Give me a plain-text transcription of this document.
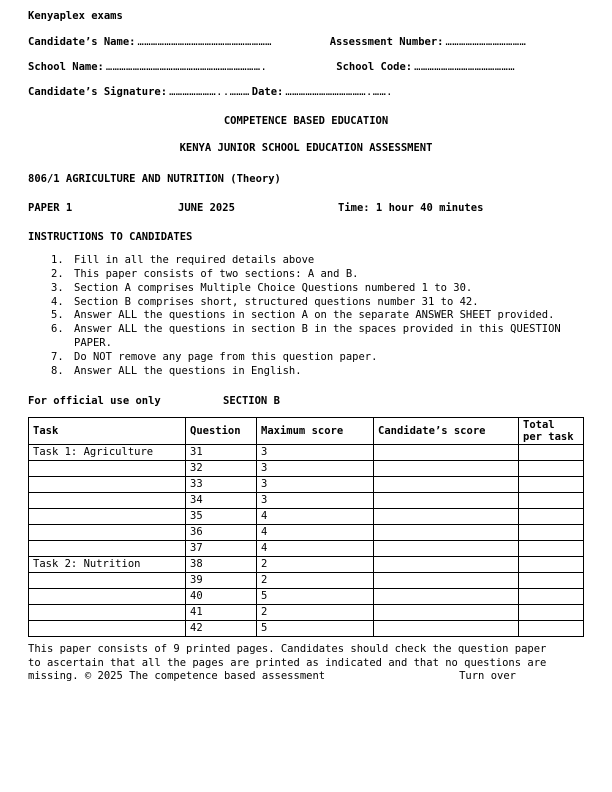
Kenyaplex exams
Candidate’s Name: ……………………………………………………	Assessment Number: ………………………………
School Name: …………………………………………………………….	School Code: ………………………………………
Candidate’s Signature: …………………..……… Date: ……………………………….…….
COMPETENCE BASED EDUCATION
KENYA JUNIOR SCHOOL EDUCATION ASSESSMENT
806/1 AGRICULTURE AND NUTRITION (Theory)
PAPER 1	JUNE 2025	Time: 1 hour 40 minutes
INSTRUCTIONS TO CANDIDATES
1. Fill in all the required details above
2. This paper consists of two sections: A and B.
3. Section A comprises Multiple Choice Questions numbered 1 to 30.
4. Section B comprises short, structured questions number 31 to 42.
5. Answer ALL the questions in section A on the separate ANSWER SHEET provided.
6. Answer ALL the questions in section B in the spaces provided in this QUESTION PAPER.
7. Do NOT remove any page from this question paper.
8. Answer ALL the questions in English.
For official use only	SECTION B
Task	Question	Maximum score	Candidate’s score	Total per task
Task 1: Agriculture	31	3		
	32	3		
	33	3		
	34	3		
	35	4		
	36	4		
	37	4		
Task 2: Nutrition	38	2		
	39	2		
	40	5		
	41	2		
	42	5		
This paper consists of 9 printed pages. Candidates should check the question paper
to ascertain that all the pages are printed as indicated and that no questions are
missing. © 2025 The competence based assessment	Turn over
